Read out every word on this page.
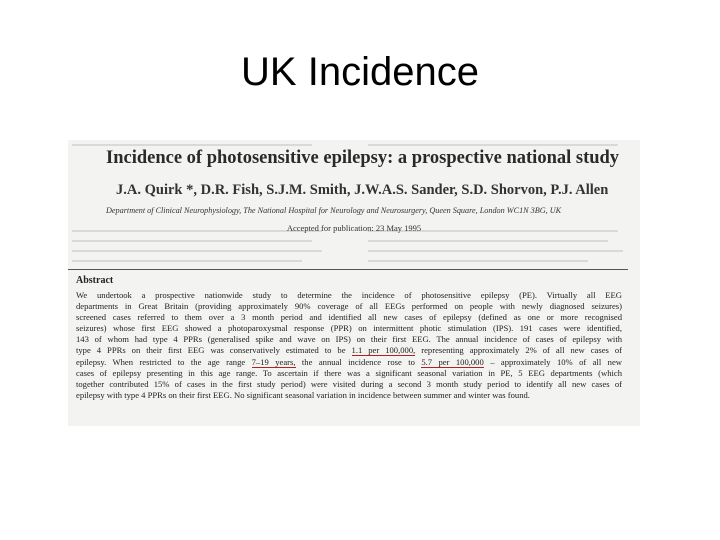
UK Incidence
Incidence of photosensitive epilepsy: a prospective national study
J.A. Quirk *, D.R. Fish, S.J.M. Smith, J.W.A.S. Sander, S.D. Shorvon, P.J. Allen
Department of Clinical Neurophysiology, The National Hospital for Neurology and Neurosurgery, Queen Square, London WC1N 3BG, UK
Accepted for publication: 23 May 1995
Abstract
We undertook a prospective nationwide study to determine the incidence of photosensitive epilepsy (PE). Virtually all EEG
departments in Great Britain (providing approximately 90% coverage of all EEGs performed on people with newly diagnosed seizures)
screened cases referred to them over a 3 month period and identified all new cases of epilepsy (defined as one or more recognised
seizures) whose first EEG showed a photoparoxysmal response (PPR) on intermittent photic stimulation (IPS). 191 cases were identified,
143 of whom had type 4 PPRs (generalised spike and wave on IPS) on their first EEG. The annual incidence of cases of epilepsy with
type 4 PPRs on their first EEG was conservatively estimated to be 1.1 per 100,000, representing approximately 2% of all new cases of
epilepsy. When restricted to the age range 7–19 years, the annual incidence rose to 5.7 per 100,000 – approximately 10% of all new
cases of epilepsy presenting in this age range. To ascertain if there was a significant seasonal variation in PE, 5 EEG departments (which
together contributed 15% of cases in the first study period) were visited during a second 3 month study period to identify all new cases of
epilepsy with type 4 PPRs on their first EEG. No significant seasonal variation in incidence between summer and winter was found.
